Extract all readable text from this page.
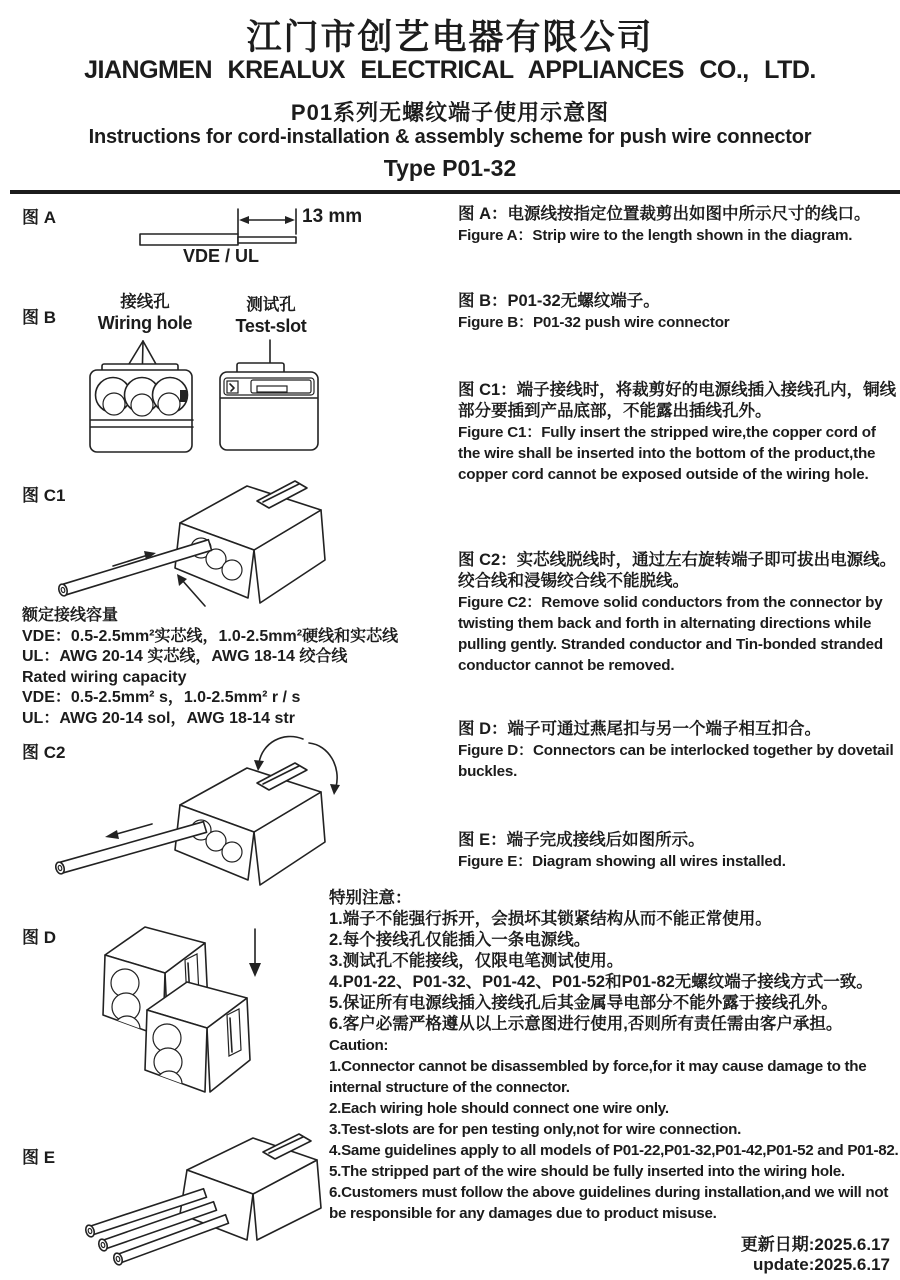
江门市创艺电器有限公司
JIANGMEN KREALUX ELECTRICAL APPLIANCES CO., LTD.
P01系列无螺纹端子使用示意图
Instructions for cord-installation & assembly scheme for push wire connector
Type P01-32
图 A	13 mm
VDE / UL
图 A：电源线按指定位置裁剪出如图中所示尺寸的线口。
Figure A：Strip wire to the length shown in the diagram.
图 B
接线孔
Wiring hole
测试孔
Test-slot
图 B：P01-32无螺纹端子。
Figure B：P01-32 push wire connector
图 C1
图 C1：端子接线时，将裁剪好的电源线插入接线孔内，铜线部分要插到产品底部，不能露出插线孔外。
Figure C1：Fully insert the stripped wire,the copper cord of the wire shall be inserted into the bottom of the product,the copper cord cannot be exposed outside of the wiring hole.
额定接线容量
VDE：0.5-2.5mm²实芯线，1.0-2.5mm²硬线和实芯线
UL：AWG 20-14 实芯线，AWG 18-14 绞合线
Rated wiring capacity
VDE：0.5-2.5mm² s，1.0-2.5mm² r / s
UL：AWG 20-14 sol，AWG 18-14 str
图 C2
图 C2：实芯线脱线时，通过左右旋转端子即可拔出电源线。
绞合线和浸锡绞合线不能脱线。
Figure C2：Remove solid conductors from the connector by twisting them back and forth in alternating directions while pulling gently. Stranded conductor and Tin-bonded stranded conductor cannot be removed.
图 D
图 D：端子可通过燕尾扣与另一个端子相互扣合。
Figure D：Connectors can be interlocked together by dovetail buckles.
图 E
图 E：端子完成接线后如图所示。
Figure E：Diagram showing all wires installed.
特别注意：
1.端子不能强行拆开，会损坏其锁紧结构从而不能正常使用。
2.每个接线孔仅能插入一条电源线。
3.测试孔不能接线，仅限电笔测试使用。
4.P01-22、P01-32、P01-42、P01-52和P01-82无螺纹端子接线方式一致。
5.保证所有电源线插入接线孔后其金属导电部分不能外露于接线孔外。
6.客户必需严格遵从以上示意图进行使用,否则所有责任需由客户承担。
Caution:
1.Connector cannot be disassembled by force,for it may cause damage to the internal structure of the connector.
2.Each wiring hole should connect one wire only.
3.Test-slots are for pen testing only,not for wire connection.
4.Same guidelines apply to all models of P01-22,P01-32,P01-42,P01-52 and P01-82.
5.The stripped part of the wire should be fully inserted into the wiring hole.
6.Customers must follow the above guidelines during installation,and we will not be responsible for any damages due to product misuse.
更新日期:2025.6.17
update:2025.6.17
